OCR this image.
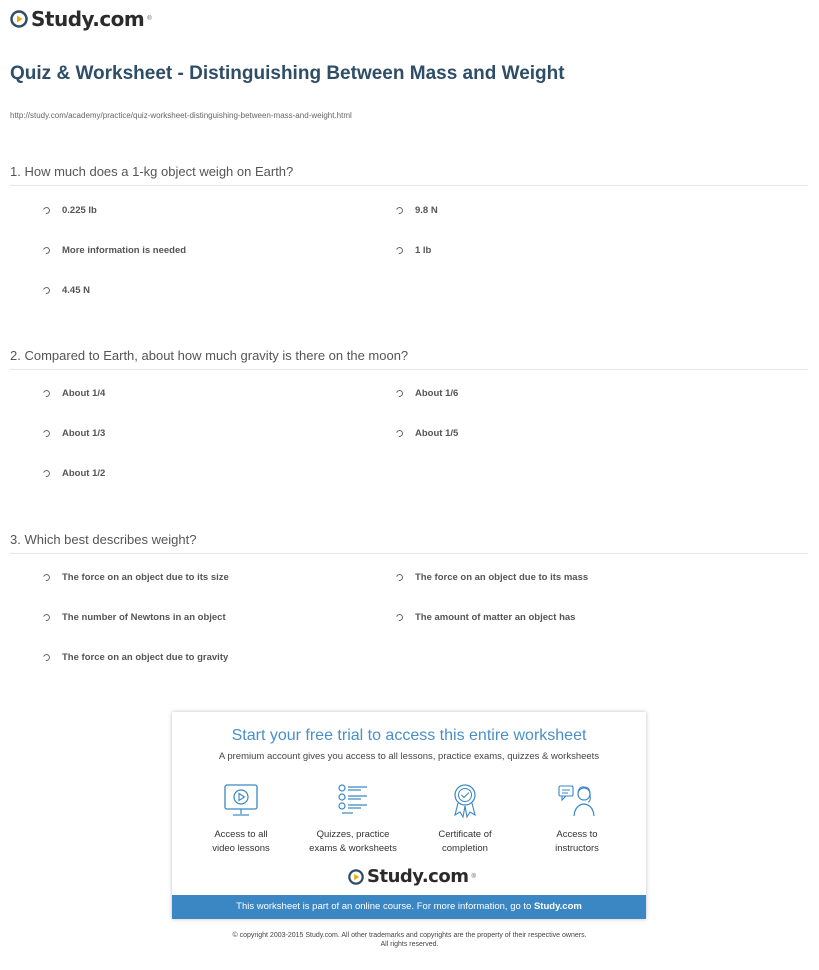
Study.com ®
Quiz & Worksheet - Distinguishing Between Mass and Weight
http://study.com/academy/practice/quiz-worksheet-distinguishing-between-mass-and-weight.html
1. How much does a 1-kg object weigh on Earth?
0.225 lb	9.8 N
More information is needed	1 lb
4.45 N
2. Compared to Earth, about how much gravity is there on the moon?
About 1/4	About 1/6
About 1/3	About 1/5
About 1/2
3. Which best describes weight?
The force on an object due to its size	The force on an object due to its mass
The number of Newtons in an object	The amount of matter an object has
The force on an object due to gravity
Start your free trial to access this entire worksheet
A premium account gives you access to all lessons, practice exams, quizzes & worksheets
Access to all
video lessons
Quizzes, practice
exams & worksheets
Certificate of
completion
Access to
instructors
Study.com ®
This worksheet is part of an online course. For more information, go to Study.com
© copyright 2003-2015 Study.com. All other trademarks and copyrights are the property of their respective owners.
All rights reserved.
